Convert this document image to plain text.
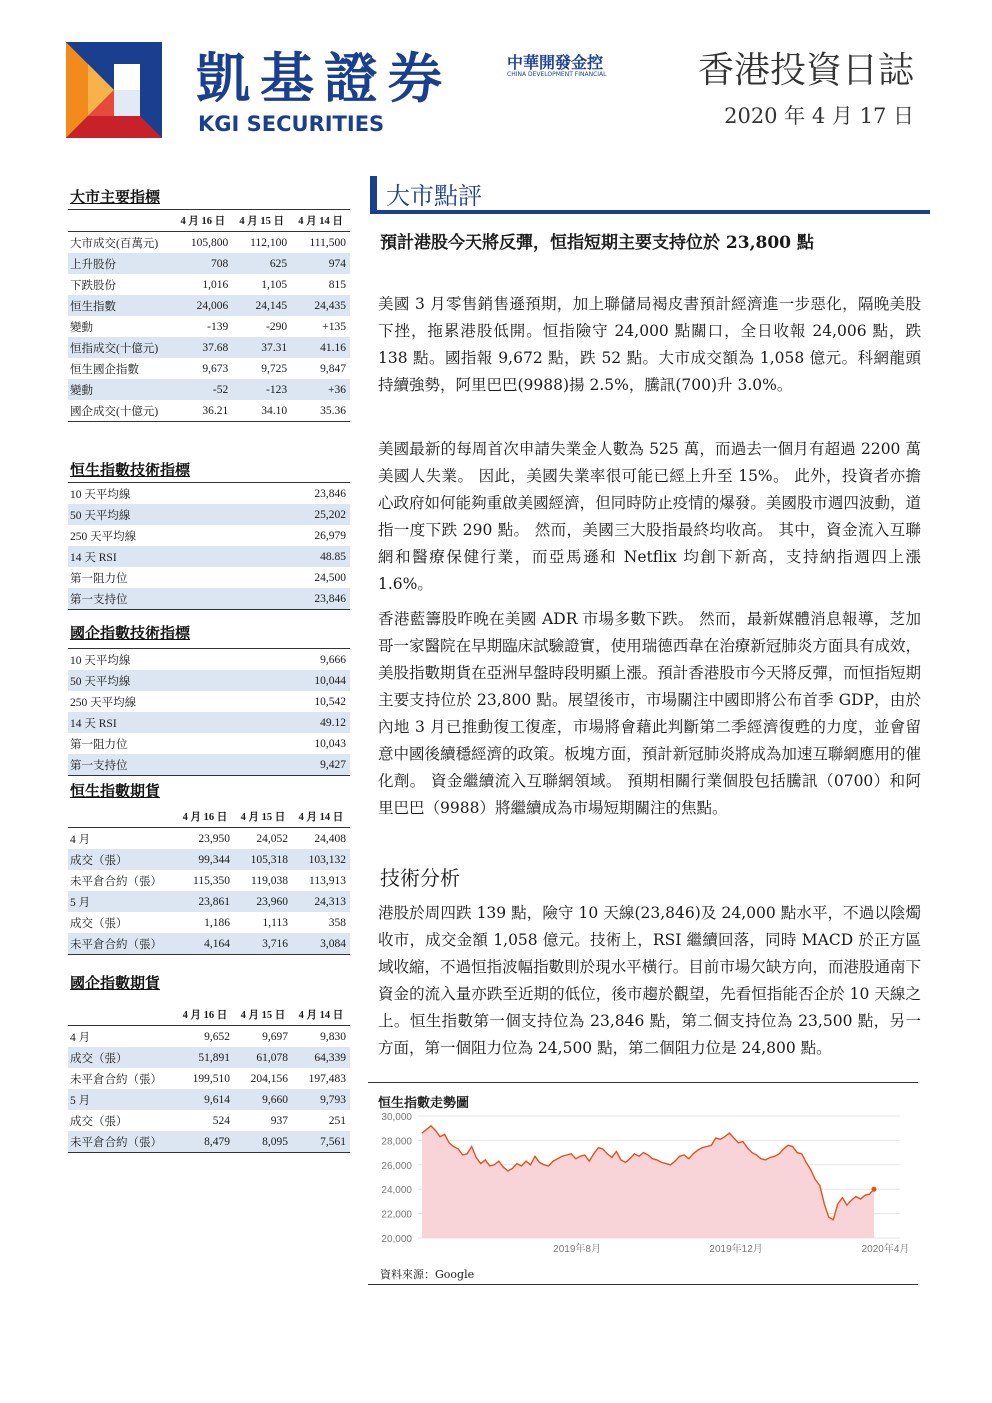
凱基證券
KGI SECURITIES
中華開發金控
CHINA DEVELOPMENT FINANCIAL	香港投資日誌
2020 年 4 月 17 日
大市主要指標
	4 月 16 日	4 月 15 日	4 月 14 日
大市成交(百萬元)	105,800	112,100	111,500
上升股份	708	625	974
下跌股份	1,016	1,105	815
恒生指數	24,006	24,145	24,435
變動	-139	-290	+135
恒指成交(十億元)	37.68	37.31	41.16
恒生國企指數	9,673	9,725	9,847
變動	-52	-123	+36
國企成交(十億元)	36.21	34.10	35.36
恒生指數技術指標
10 天平均線	23,846
50 天平均線	25,202
250 天平均線	26,979
14 天 RSI	48.85
第一阻力位	24,500
第一支持位	23,846
國企指數技術指標
10 天平均線	9,666
50 天平均線	10,044
250 天平均線	10,542
14 天 RSI	49.12
第一阻力位	10,043
第一支持位	9,427
恒生指數期貨
	4 月 16 日	4 月 15 日	4 月 14 日
4 月	23,950	24,052	24,408
成交（張）	99,344	105,318	103,132
未平倉合約（張）	115,350	119,038	113,913
5 月	23,861	23,960	24,313
成交（張）	1,186	1,113	358
未平倉合約（張）	4,164	3,716	3,084
國企指數期貨
	4 月 16 日	4 月 15 日	4 月 14 日
4 月	9,652	9,697	9,830
成交（張）	51,891	61,078	64,339
未平倉合約（張）	199,510	204,156	197,483
5 月	9,614	9,660	9,793
成交（張）	524	937	251
未平倉合約（張）	8,479	8,095	7,561
大市點評
預計港股今天將反彈，恒指短期主要支持位於 23,800 點
美國 3 月零售銷售遜預期，加上聯儲局褐皮書預計經濟進一步惡化，隔晚美股下挫，拖累港股低開。恒指險守 24,000 點關口，全日收報 24,006 點，跌 138 點。國指報 9,672 點，跌 52 點。大市成交額為 1,058 億元。科網龍頭持續強勢，阿里巴巴(9988)揚 2.5%，騰訊(700)升 3.0%。
美國最新的每周首次申請失業金人數為 525 萬，而過去一個月有超過 2200 萬美國人失業。 因此，美國失業率很可能已經上升至 15%。 此外，投資者亦擔心政府如何能夠重啟美國經濟，但同時防止疫情的爆發。美國股市週四波動，道指一度下跌 290 點。 然而，美國三大股指最終均收高。 其中，資金流入互聯網和醫療保健行業，而亞馬遜和 Netflix 均創下新高，支持納指週四上漲 1.6%。
香港藍籌股昨晚在美國 ADR 市場多數下跌。 然而，最新媒體消息報導，芝加哥一家醫院在早期臨床試驗證實，使用瑞德西韋在治療新冠肺炎方面具有成效，美股指數期貨在亞洲早盤時段明顯上漲。預計香港股市今天將反彈，而恒指短期主要支持位於 23,800 點。展望後市，市場關注中國即將公布首季 GDP，由於內地 3 月已推動復工復產，市場將會藉此判斷第二季經濟復甦的力度，並會留意中國後續穩經濟的政策。板塊方面，預計新冠肺炎將成為加速互聯網應用的催化劑。 資金繼續流入互聯網領域。 預期相關行業個股包括騰訊（0700）和阿里巴巴（9988）將繼續成為市場短期關注的焦點。
技術分析
港股於周四跌 139 點，險守 10 天線(23,846)及 24,000 點水平，不過以陰燭收市，成交金額 1,058 億元。技術上，RSI 繼續回落，同時 MACD 於正方區域收縮，不過恒指波幅指數則於現水平橫行。目前市場欠缺方向，而港股通南下資金的流入量亦跌至近期的低位，後市趨於觀望，先看恒指能否企於 10 天線之上。恒生指數第一個支持位為 23,846 點，第二個支持位為 23,500 點，另一方面，第一個阻力位為 24,500 點，第二個阻力位是 24,800 點。
恒生指數走勢圖
30,000
28,000
26,000
24,000
22,000
20,000
2019年8月	2019年12月	2020年4月
資料來源：Google
